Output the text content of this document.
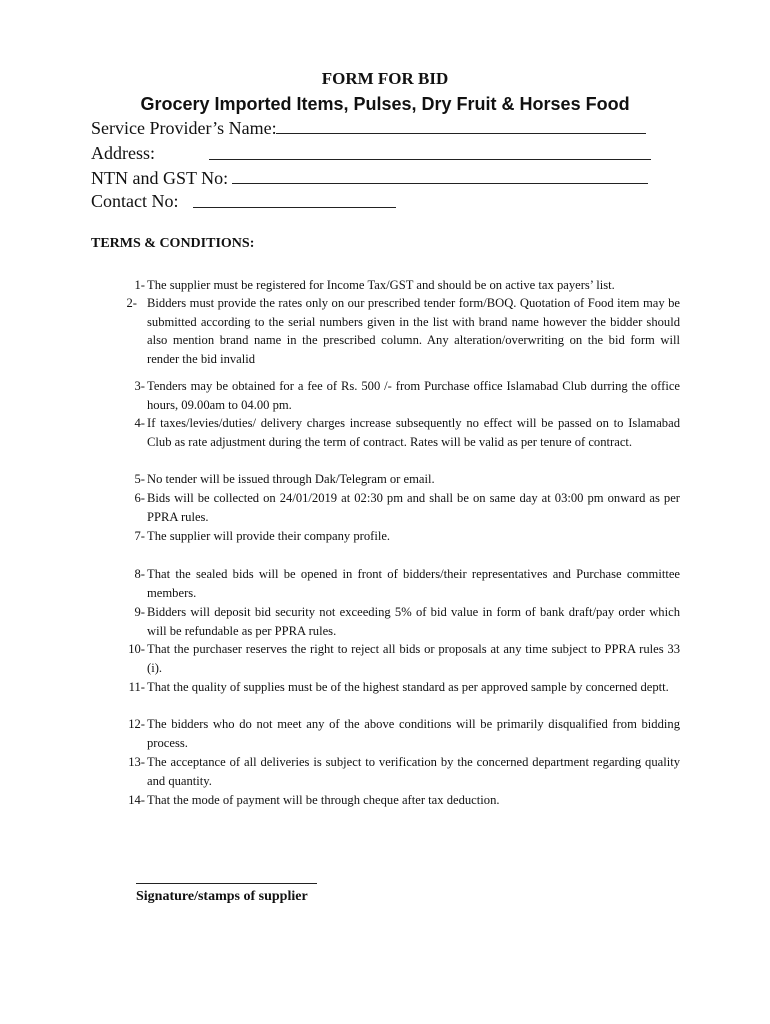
FORM FOR BID
Grocery Imported Items, Pulses, Dry Fruit & Horses Food
Service Provider’s Name:
Address:
NTN and GST No:
Contact No:
TERMS & CONDITIONS:
1- The supplier must be registered for Income Tax/GST and should be on active tax payers’ list.
2- Bidders must provide the rates only on our prescribed tender form/BOQ. Quotation of Food item may be submitted according to the serial numbers given in the list with brand name however the bidder should also mention brand name in the prescribed column. Any alteration/overwriting on the bid form will render the bid invalid
3- Tenders may be obtained for a fee of Rs. 500 /- from Purchase office Islamabad Club durring the office hours, 09.00am to 04.00 pm.
4- If taxes/levies/duties/ delivery charges increase subsequently no effect will be passed on to Islamabad Club as rate adjustment during the term of contract. Rates will be valid as per tenure of contract.
5- No tender will be issued through Dak/Telegram or email.
6- Bids will be collected on 24/01/2019 at 02:30 pm and shall be on same day at 03:00 pm onward as per PPRA rules.
7- The supplier will provide their company profile.
8- That the sealed bids will be opened in front of bidders/their representatives and Purchase committee members.
9- Bidders will deposit bid security not exceeding 5% of bid value in form of bank draft/pay order which will be refundable as per PPRA rules.
10- That the purchaser reserves the right to reject all bids or proposals at any time subject to PPRA rules 33 (i).
11- That the quality of supplies must be of the highest standard as per approved sample by concerned deptt.
12- The bidders who do not meet any of the above conditions will be primarily disqualified from bidding process.
13- The acceptance of all deliveries is subject to verification by the concerned department regarding quality and quantity.
14- That the mode of payment will be through cheque after tax deduction.
Signature/stamps of supplier
